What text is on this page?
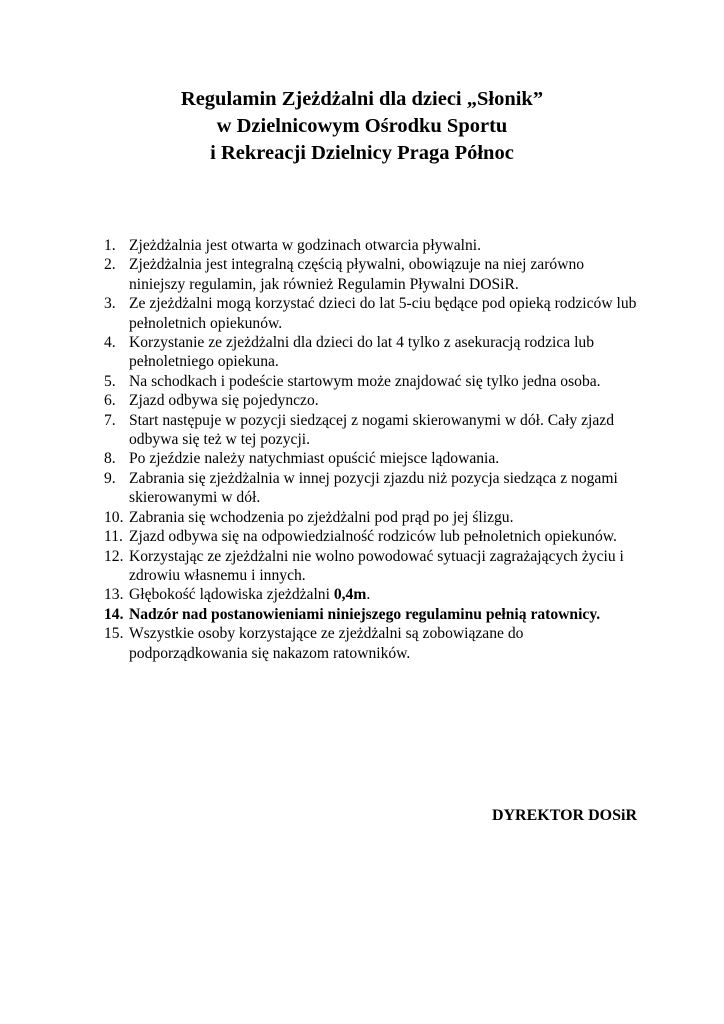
Regulamin Zjeżdżalni dla dzieci „Słonik”
w Dzielnicowym Ośrodku Sportu
i Rekreacji Dzielnicy Praga Północ
1. Zjeżdżalnia jest otwarta w godzinach otwarcia pływalni.
2. Zjeżdżalnia jest integralną częścią pływalni, obowiązuje na niej zarówno niniejszy regulamin, jak również Regulamin Pływalni DOSiR.
3. Ze zjeżdżalni mogą korzystać dzieci do lat 5-ciu będące pod opieką rodziców lub pełnoletnich opiekunów.
4. Korzystanie ze zjeżdżalni dla dzieci do lat 4 tylko z asekuracją rodzica lub pełnoletniego opiekuna.
5. Na schodkach i podeście startowym może znajdować się tylko jedna osoba.
6. Zjazd odbywa się pojedynczo.
7. Start następuje w pozycji siedzącej z nogami skierowanymi w dół. Cały zjazd odbywa się też w tej pozycji.
8. Po zjeździe należy natychmiast opuścić miejsce lądowania.
9. Zabrania się zjeżdżalnia w innej pozycji zjazdu niż pozycja siedząca z nogami skierowanymi w dół.
10. Zabrania się wchodzenia po zjeżdżalni pod prąd po jej ślizgu.
11. Zjazd odbywa się na odpowiedzialność rodziców lub pełnoletnich opiekunów.
12. Korzystając ze zjeżdżalni nie wolno powodować sytuacji zagrażających życiu i zdrowiu własnemu i innych.
13. Głębokość lądowiska zjeżdżalni 0,4m.
14. Nadzór nad postanowieniami niniejszego regulaminu pełnią ratownicy.
15. Wszystkie osoby korzystające ze zjeżdżalni są zobowiązane do podporządkowania się nakazom ratowników.
DYREKTOR DOSiR
